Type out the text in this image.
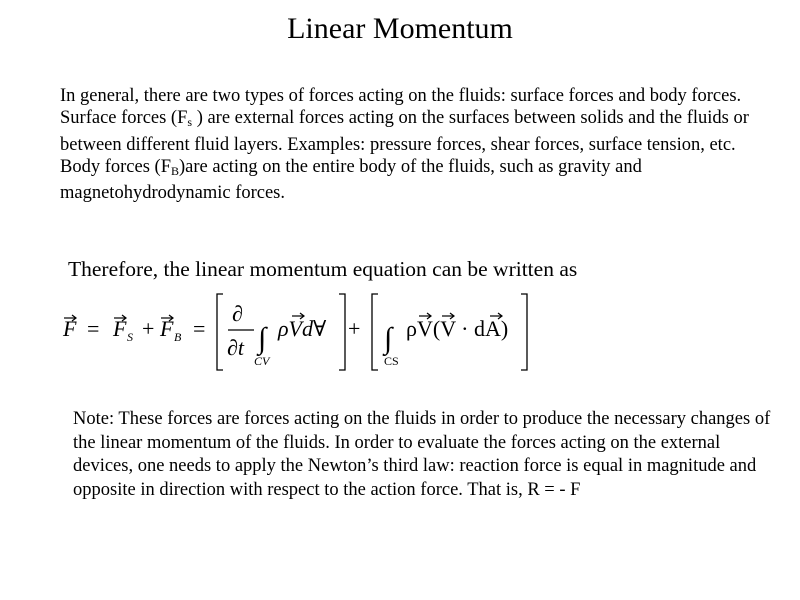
Linear Momentum
In general, there are two types of forces acting on the fluids: surface forces and body forces. Surface forces ($F_s$ ) are external forces acting on the surfaces between solids and the fluids or between different fluid layers. Examples: pressure forces, shear forces, surface tension, etc. Body forces $(F_B)are$ acting on the entire body of the fluids, such as gravity and magnetohydrodynamic forces.
Therefore, the linear momentum equation can be written as
F = F S + F B =
∂
∂t ∫
CV
ρVd∀ + ∫
CS
ρV(V · dA)
Note: These forces are forces acting on the fluids in order to produce the necessary changes of the linear momentum of the fluids. In order to evaluate the forces acting on the external devices, one needs to apply the Newton’s third law: reaction force is equal in magnitude and opposite in direction with respect to the action force. That is, R = - F
